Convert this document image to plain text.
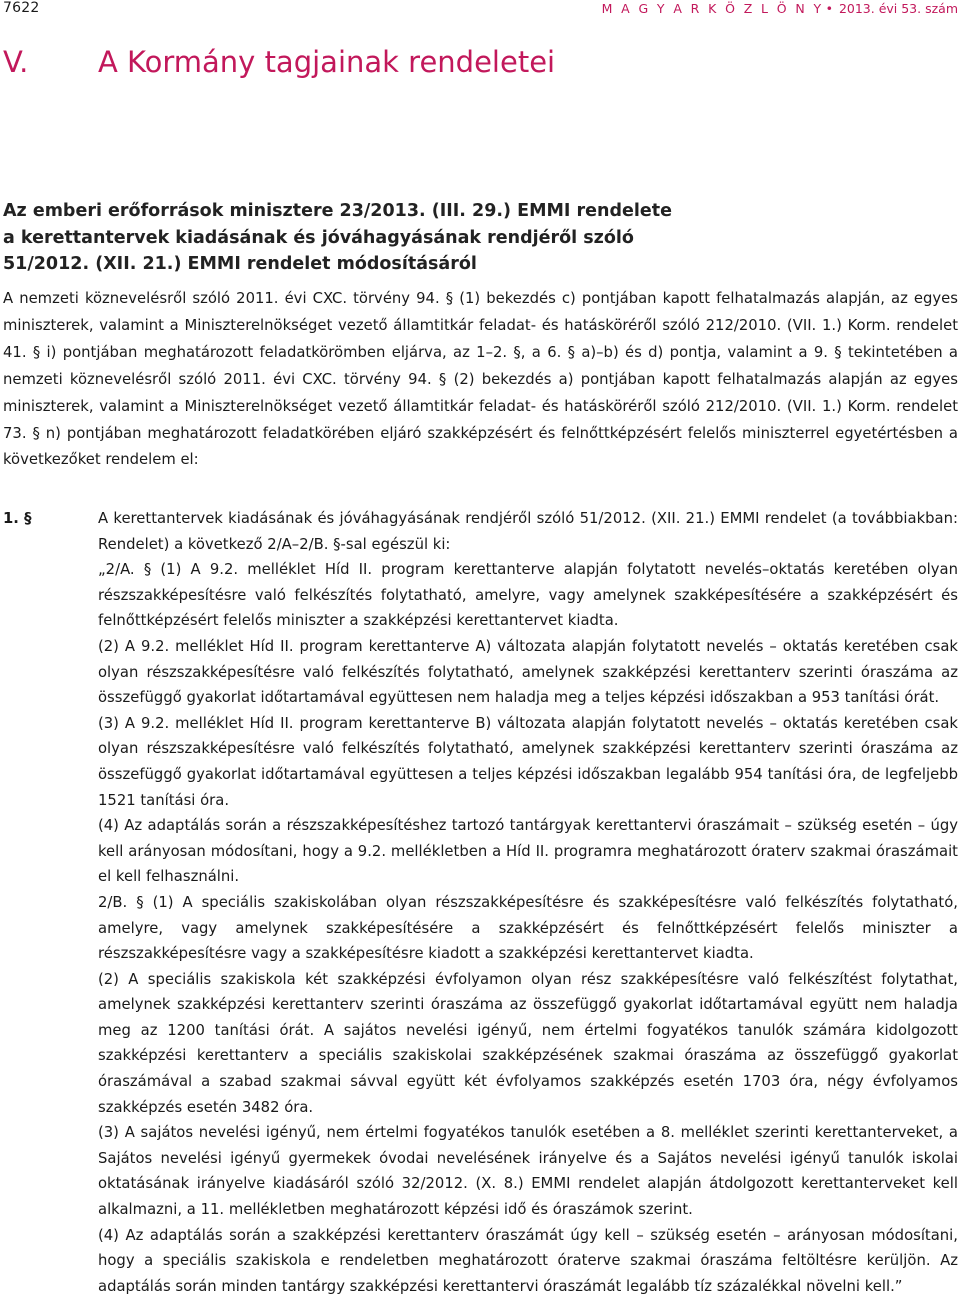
7622	M A G Y A R K Ö Z L Ö N Y • 2013. évi 53. szám
V. A Kormány tagjainak rendeletei
Az emberi erőforrások minisztere 23/2013. (III. 29.) EMMI rendelete
a kerettantervek kiadásának és jóváhagyásának rendjéről szóló
51/2012. (XII. 21.) EMMI rendelet módosításáról

A nemzeti köznevelésről szóló 2011. évi CXC. törvény 94. § (1) bekezdés c) pontjában kapott felhatalmazás alapján, az egyes miniszterek, valamint a Miniszterelnökséget vezető államtitkár feladat- és hatásköréről szóló 212/2010. (VII. 1.) Korm. rendelet 41. § i) pontjában meghatározott feladatkörömben eljárva, az 1–2. §, a 6. § a)–b) és d) pontja, valamint a 9. § tekintetében a nemzeti köznevelésről szóló 2011. évi CXC. törvény 94. § (2) bekezdés a) pontjában kapott felhatalmazás alapján az egyes miniszterek, valamint a Miniszterelnökséget vezető államtitkár feladat- és hatásköréről szóló 212/2010. (VII. 1.) Korm. rendelet 73. § n) pontjában meghatározott feladatkörében eljáró szakképzésért és felnőttképzésért felelős miniszterrel egyetértésben a következőket rendelem el:

1. §	A kerettantervek kiadásának és jóváhagyásának rendjéről szóló 51/2012. (XII. 21.) EMMI rendelet (a továbbiakban: Rendelet) a következő 2/A–2/B. §-sal egészül ki:

„2/A. § (1) A 9.2. melléklet Híd II. program kerettanterve alapján folytatott nevelés–oktatás keretében olyan részszakképesítésre való felkészítés folytatható, amelyre, vagy amelynek szakképesítésére a szakképzésért és felnőttképzésért felelős miniszter a szakképzési kerettantervet kiadta.

(2) A 9.2. melléklet Híd II. program kerettanterve A) változata alapján folytatott nevelés – oktatás keretében csak olyan részszakképesítésre való felkészítés folytatható, amelynek szakképzési kerettanterv szerinti óraszáma az összefüggő gyakorlat időtartamával együttesen nem haladja meg a teljes képzési időszakban a 953 tanítási órát.

(3) A 9.2. melléklet Híd II. program kerettanterve B) változata alapján folytatott nevelés – oktatás keretében csak olyan részszakképesítésre való felkészítés folytatható, amelynek szakképzési kerettanterv szerinti óraszáma az összefüggő gyakorlat időtartamával együttesen a teljes képzési időszakban legalább 954 tanítási óra, de legfeljebb 1521 tanítási óra.

(4) Az adaptálás során a részszakképesítéshez tartozó tantárgyak kerettantervi óraszámait – szükség esetén – úgy kell arányosan módosítani, hogy a 9.2. mellékletben a Híd II. programra meghatározott óraterv szakmai óraszámait el kell felhasználni.

2/B. § (1) A speciális szakiskolában olyan részszakképesítésre és szakképesítésre való felkészítés folytatható, amelyre, vagy amelynek szakképesítésére a szakképzésért és felnőttképzésért felelős miniszter a részszakképesítésre vagy a szakképesítésre kiadott a szakképzési kerettantervet kiadta.

(2) A speciális szakiskola két szakképzési évfolyamon olyan rész szakképesítésre való felkészítést folytathat, amelynek szakképzési kerettanterv szerinti óraszáma az összefüggő gyakorlat időtartamával együtt nem haladja meg az 1200 tanítási órát. A sajátos nevelési igényű, nem értelmi fogyatékos tanulók számára kidolgozott szakképzési kerettanterv a speciális szakiskolai szakképzésének szakmai óraszáma az összefüggő gyakorlat óraszámával a szabad szakmai sávval együtt két évfolyamos szakképzés esetén 1703 óra, négy évfolyamos szakképzés esetén 3482 óra.

(3) A sajátos nevelési igényű, nem értelmi fogyatékos tanulók esetében a 8. melléklet szerinti kerettanterveket, a Sajátos nevelési igényű gyermekek óvodai nevelésének irányelve és a Sajátos nevelési igényű tanulók iskolai oktatásának irányelve kiadásáról szóló 32/2012. (X. 8.) EMMI rendelet alapján átdolgozott kerettanterveket kell alkalmazni, a 11. mellékletben meghatározott képzési idő és óraszámok szerint.

(4) Az adaptálás során a szakképzési kerettanterv óraszámát úgy kell – szükség esetén – arányosan módosítani, hogy a speciális szakiskola e rendeletben meghatározott óraterve szakmai óraszáma feltöltésre kerüljön. Az adaptálás során minden tantárgy szakképzési kerettantervi óraszámát legalább tíz százalékkal növelni kell.”
